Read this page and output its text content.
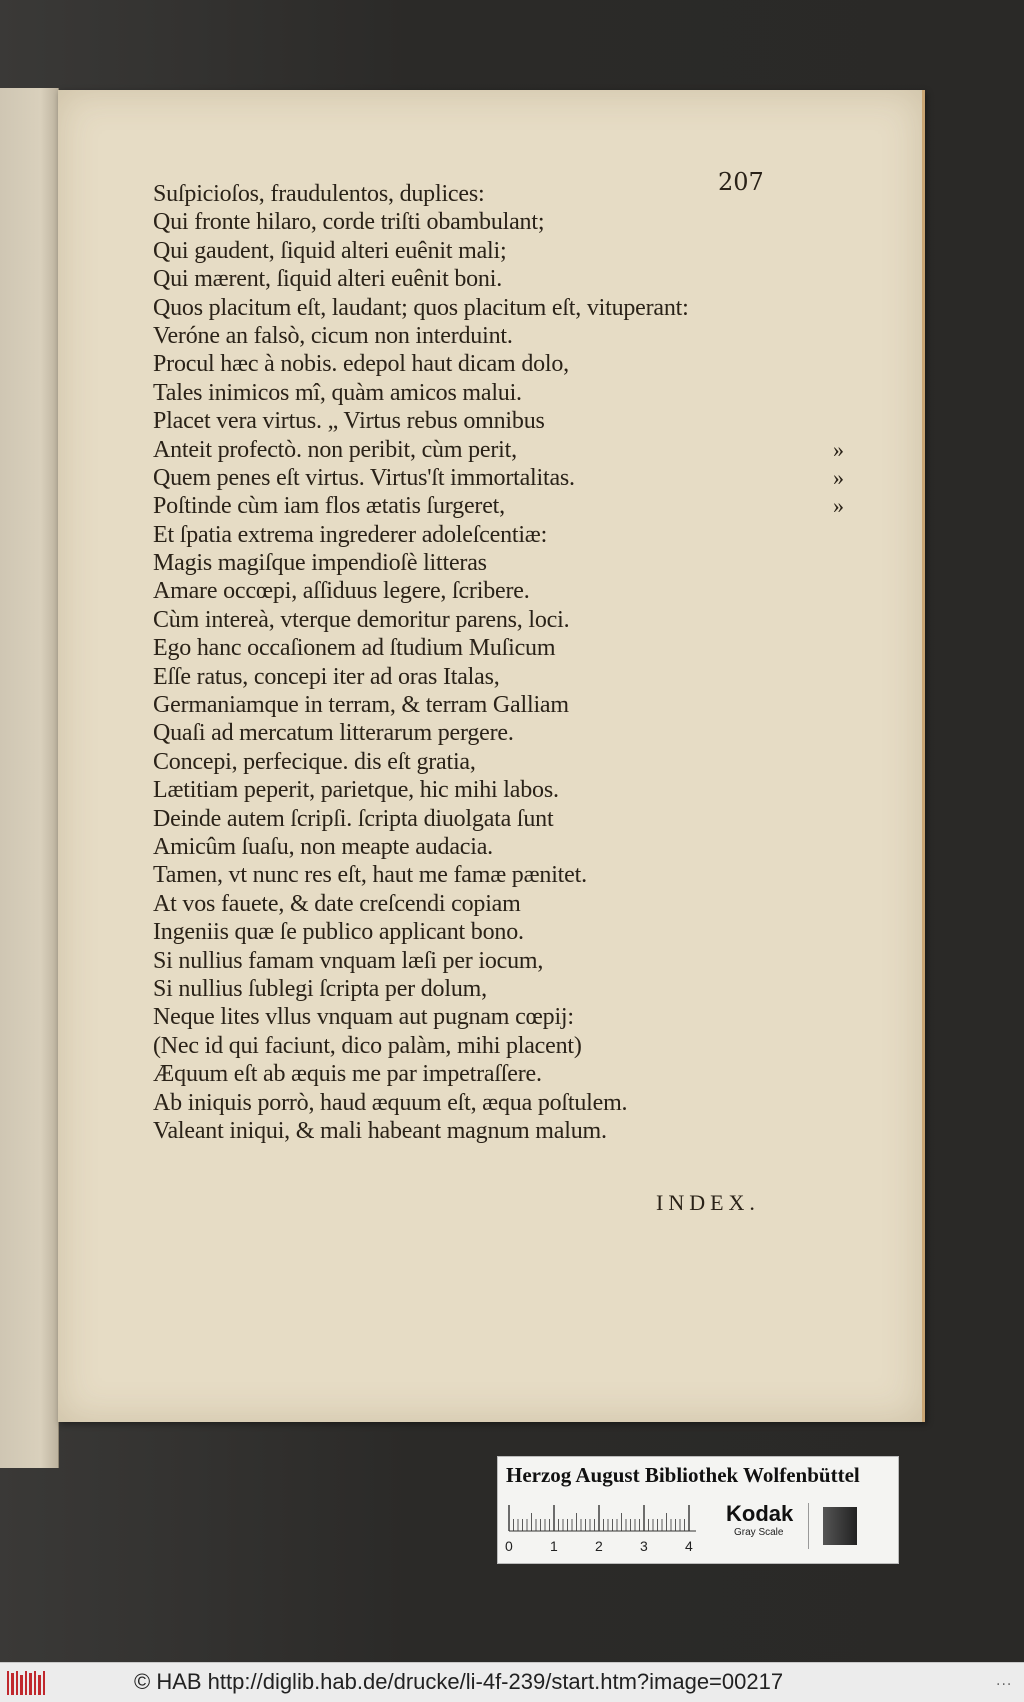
207
Suſpicioſos, fraudulentos, duplices:
Qui fronte hilaro, corde triſti obambulant;
Qui gaudent, ſiquid alteri euênit mali;
Qui mærent, ſiquid alteri euênit boni.
Quos placitum eſt, laudant; quos placitum eſt, vituperant:
Veróne an falsò, cicum non interduint.
Procul hæc à nobis. edepol haut dicam dolo,
Tales inimicos mî, quàm amicos malui.
Placet vera virtus. „ Virtus rebus omnibus
Anteit profectò. non peribit, cùm perit,	»
Quem penes eſt virtus. Virtus'ſt immortalitas.	»
Poſtinde cùm iam flos ætatis ſurgeret,	»
Et ſpatia extrema ingrederer adoleſcentiæ:
Magis magiſque impendioſè litteras
Amare occœpi, aſſiduus legere, ſcribere.
Cùm intereà, vterque demoritur parens, loci.
Ego hanc occaſionem ad ſtudium Muſicum
Eſſe ratus, concepi iter ad oras Italas,
Germaniamque in terram, & terram Galliam
Quaſi ad mercatum litterarum pergere.
Concepi, perfecique. dis eſt gratia,
Lætitiam peperit, parietque, hic mihi labos.
Deinde autem ſcripſi. ſcripta diuolgata ſunt
Amicûm ſuaſu, non meapte audacia.
Tamen, vt nunc res eſt, haut me famæ pænitet.
At vos fauete, & date creſcendi copiam
Ingeniis quæ ſe publico applicant bono.
Si nullius famam vnquam læſi per iocum,
Si nullius ſublegi ſcripta per dolum,
Neque lites vllus vnquam aut pugnam cœpij:
(Nec id qui faciunt, dico palàm, mihi placent)
Æquum eſt ab æquis me par impetraſſere.
Ab iniquis porrò, haud æquum eſt, æqua poſtulem.
Valeant iniqui, & mali habeant magnum malum.
INDEX.
Herzog August Bibliothek Wolfenbüttel
0	1	2	3	4
Kodak
Gray Scale
© HAB http://diglib.hab.de/drucke/li-4f-239/start.htm?image=00217	...
